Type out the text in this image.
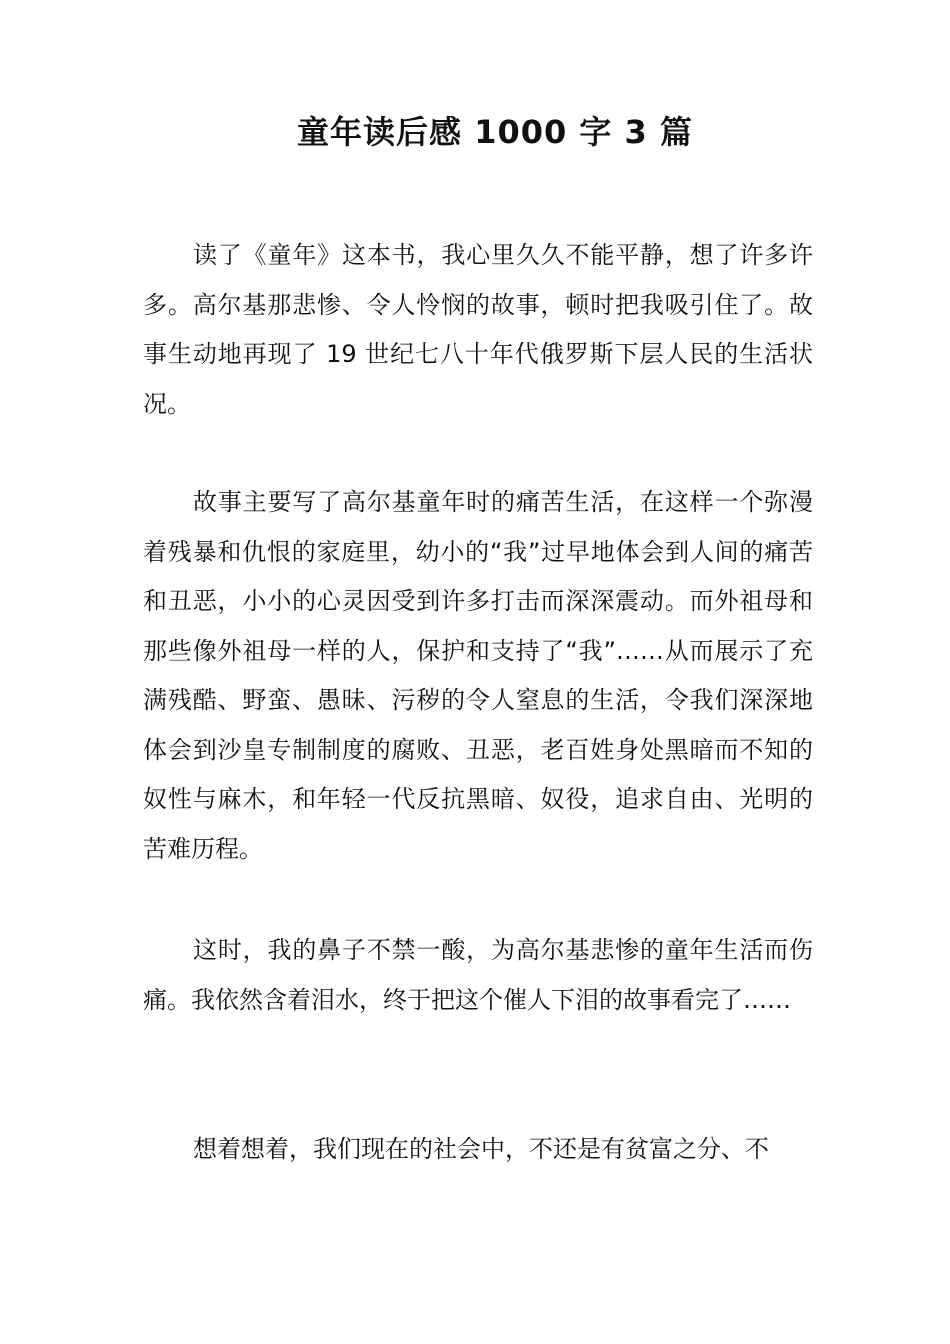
童年读后感 1000 字 3 篇

读了《童年》这本书，我心里久久不能平静，想了许多许多。高尔基那悲惨、令人怜悯的故事，顿时把我吸引住了。故事生动地再现了 19 世纪七八十年代俄罗斯下层人民的生活状况。

故事主要写了高尔基童年时的痛苦生活，在这样一个弥漫着残暴和仇恨的家庭里，幼小的“我”过早地体会到人间的痛苦和丑恶，小小的心灵因受到许多打击而深深震动。而外祖母和那些像外祖母一样的人，保护和支持了“我”……从而展示了充满残酷、野蛮、愚昧、污秽的令人窒息的生活，令我们深深地体会到沙皇专制制度的腐败、丑恶，老百姓身处黑暗而不知的奴性与麻木，和年轻一代反抗黑暗、奴役，追求自由、光明的苦难历程。

这时，我的鼻子不禁一酸，为高尔基悲惨的童年生活而伤痛。我依然含着泪水，终于把这个催人下泪的故事看完了……

想着想着，我们现在的社会中，不还是有贫富之分、不
